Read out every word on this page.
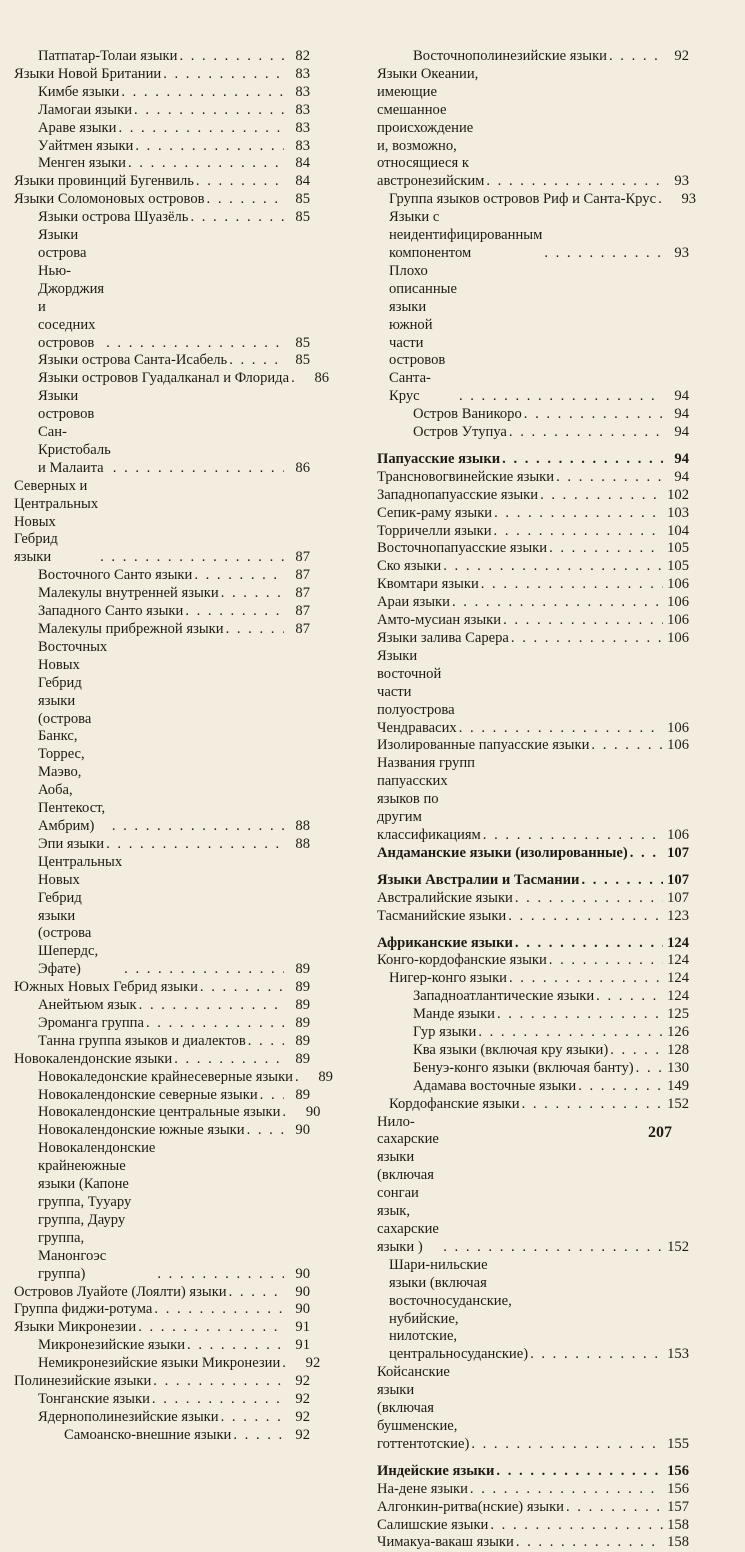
Патпатар-Толаи языки . . .	82
Языки Новой Британии . . .	83
Кимбе языки . . .	83
Ламогаи языки . . .	83
Араве языки . . .	83
Уайтмен языки . . .	83
Менген языки . . .	84
Языки провинций Бугенвиль . . .	84
Языки Соломоновых островов . . .	85
Языки острова Шуазёль . . .	85
Языки острова Нью-Джорджия и соседних островов . . .	85
Языки острова Санта-Исабель . . .	85
Языки островов Гуадалканал и Флорида . . .	86
Языки островов Сан-Кристобаль и Малаита . . .	86
Северных и Центральных Новых Гебрид языки . . .	87
Восточного Санто языки . . .	87
Малекулы внутренней языки . . .	87
Западного Санто языки . . .	87
Малекулы прибрежной языки . . .	87
Восточных Новых Гебрид языки (острова Банкс, Торрес, Маэво, Аоба, Пентекост, Амбрим) . . .	88
Эпи языки . . .	88
Центральных Новых Гебрид языки (острова Шепердс, Эфате) . . .	89
Южных Новых Гебрид языки . . .	89
Анейтьюм язык . . .	89
Эроманга группа . . .	89
Танна группа языков и диалектов . . .	89
Новокалендонские языки . . .	89
Новокаледонские крайнесеверные языки . . .	89
Новокалендонские северные языки . . .	89
Новокалендонские центральные языки . . .	90
Новокалендонские южные языки . . .	90
Новокалендонские крайнеюжные языки (Капоне группа, Тууару группа, Дауру группа, Манонгоэс группа) . . .	90
Островов Луайоте (Лоялти) языки . . .	90
Группа фиджи-ротума . . .	90
Языки Микронезии . . .	91
Микронезийские языки . . .	91
Немикронезийские языки Микронезии . . .	92
Полинезийские языки . . .	92
Тонганские языки . . .	92
Ядернополинезийские языки . . .	92
Самоанско-внешние языки . . .	92
Восточнополинезийские языки . . .	92
Языки Океании, имеющие смешанное происхождение и, возможно, относящиеся к австронезийским . . .	93
Группа языков островов Риф и Санта-Крус . . .	93
Языки с неидентифицированным компонентом . . .	93
Плохо описанные языки южной части островов Санта-Крус . . .	94
Остров Ваникоро . . .	94
Остров Утупуа . . .	94
Папуасские языки . . .	94
Трансновогвинейские языки . . .	94
Западнопапуасские языки . . .	102
Сепик-раму языки . . .	103
Торричелли языки . . .	104
Восточнопапуасские языки . . .	105
Ско языки . . .	105
Квомтари языки . . .	106
Араи языки . . .	106
Амто-мусиан языки . . .	106
Языки залива Сарера . . .	106
Языки восточной части полуострова Чендравасих . . .	106
Изолированные папуасские языки . . .	106
Названия групп папуасских языков по другим классификациям . . .	106
Андаманские языки (изолированные) . . .	107
Языки Австралии и Тасмании . . .	107
Австралийские языки . . .	107
Тасманийские языки . . .	123
Африканские языки . . .	124
Конго-кордофанские языки . . .	124
Нигер-конго языки . . .	124
Западноатлантические языки . . .	124
Манде языки . . .	125
Гур языки . . .	126
Ква языки (включая кру языки) . . .	128
Бенуэ-конго языки (включая банту) . . . 130
Адамава восточные языки . . .	149
Кордофанские языки . . .	152
Нило-сахарские языки (включая сонгаи язык, сахарские языки ) . . .	152
Шари-нильские языки (включая восточносуданские, нубийские, нилотские, центральносуданские) . . .	153
Койсанские языки (включая бушменские, готтентотские) . . .	155
Индейские языки . . .	156
На-дене языки . . .	156
Алгонкин-ритва(нские) языки . . .	157
Салишские языки . . .	158
Чимакуа-вакаш языки . . .	158
207
